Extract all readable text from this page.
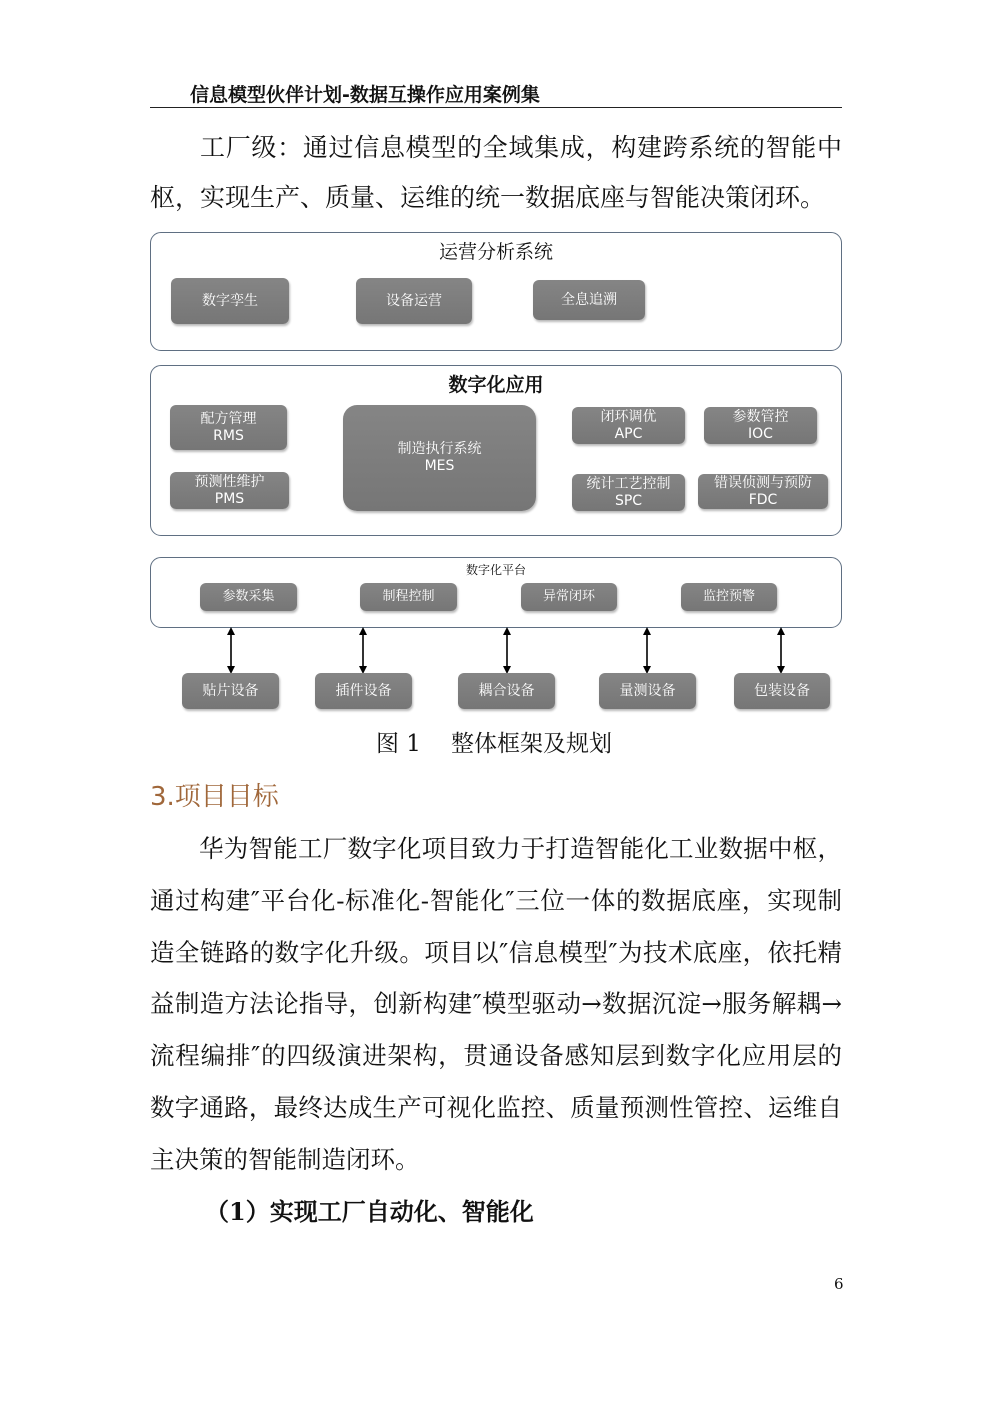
信息模型伙伴计划-数据互操作应用案例集
工厂级：通过信息模型的全域集成，构建跨系统的智能中枢，实现生产、质量、运维的统一数据底座与智能决策闭环。
运营分析系统
数字孪生	设备运营	全息追溯
数字化应用
配方管理
RMS
预测性维护
PMS
制造执行系统
MES
闭环调优
APC
参数管控
IOC
统计工艺控制
SPC
错误侦测与预防
FDC
数字化平台
参数采集	制程控制	异常闭环	监控预警
贴片设备	插件设备	耦合设备	量测设备	包装设备
图 1 整体框架及规划
3.项目目标
华为智能工厂数字化项目致力于打造智能化工业数据中枢，通过构建″平台化-标准化-智能化″三位一体的数据底座，实现制造全链路的数字化升级。项目以″信息模型″为技术底座，依托精益制造方法论指导，创新构建″模型驱动→数据沉淀→服务解耦→流程编排″的四级演进架构，贯通设备感知层到数字化应用层的数字通路，最终达成生产可视化监控、质量预测性管控、运维自主决策的智能制造闭环。
（1）实现工厂自动化、智能化
6
